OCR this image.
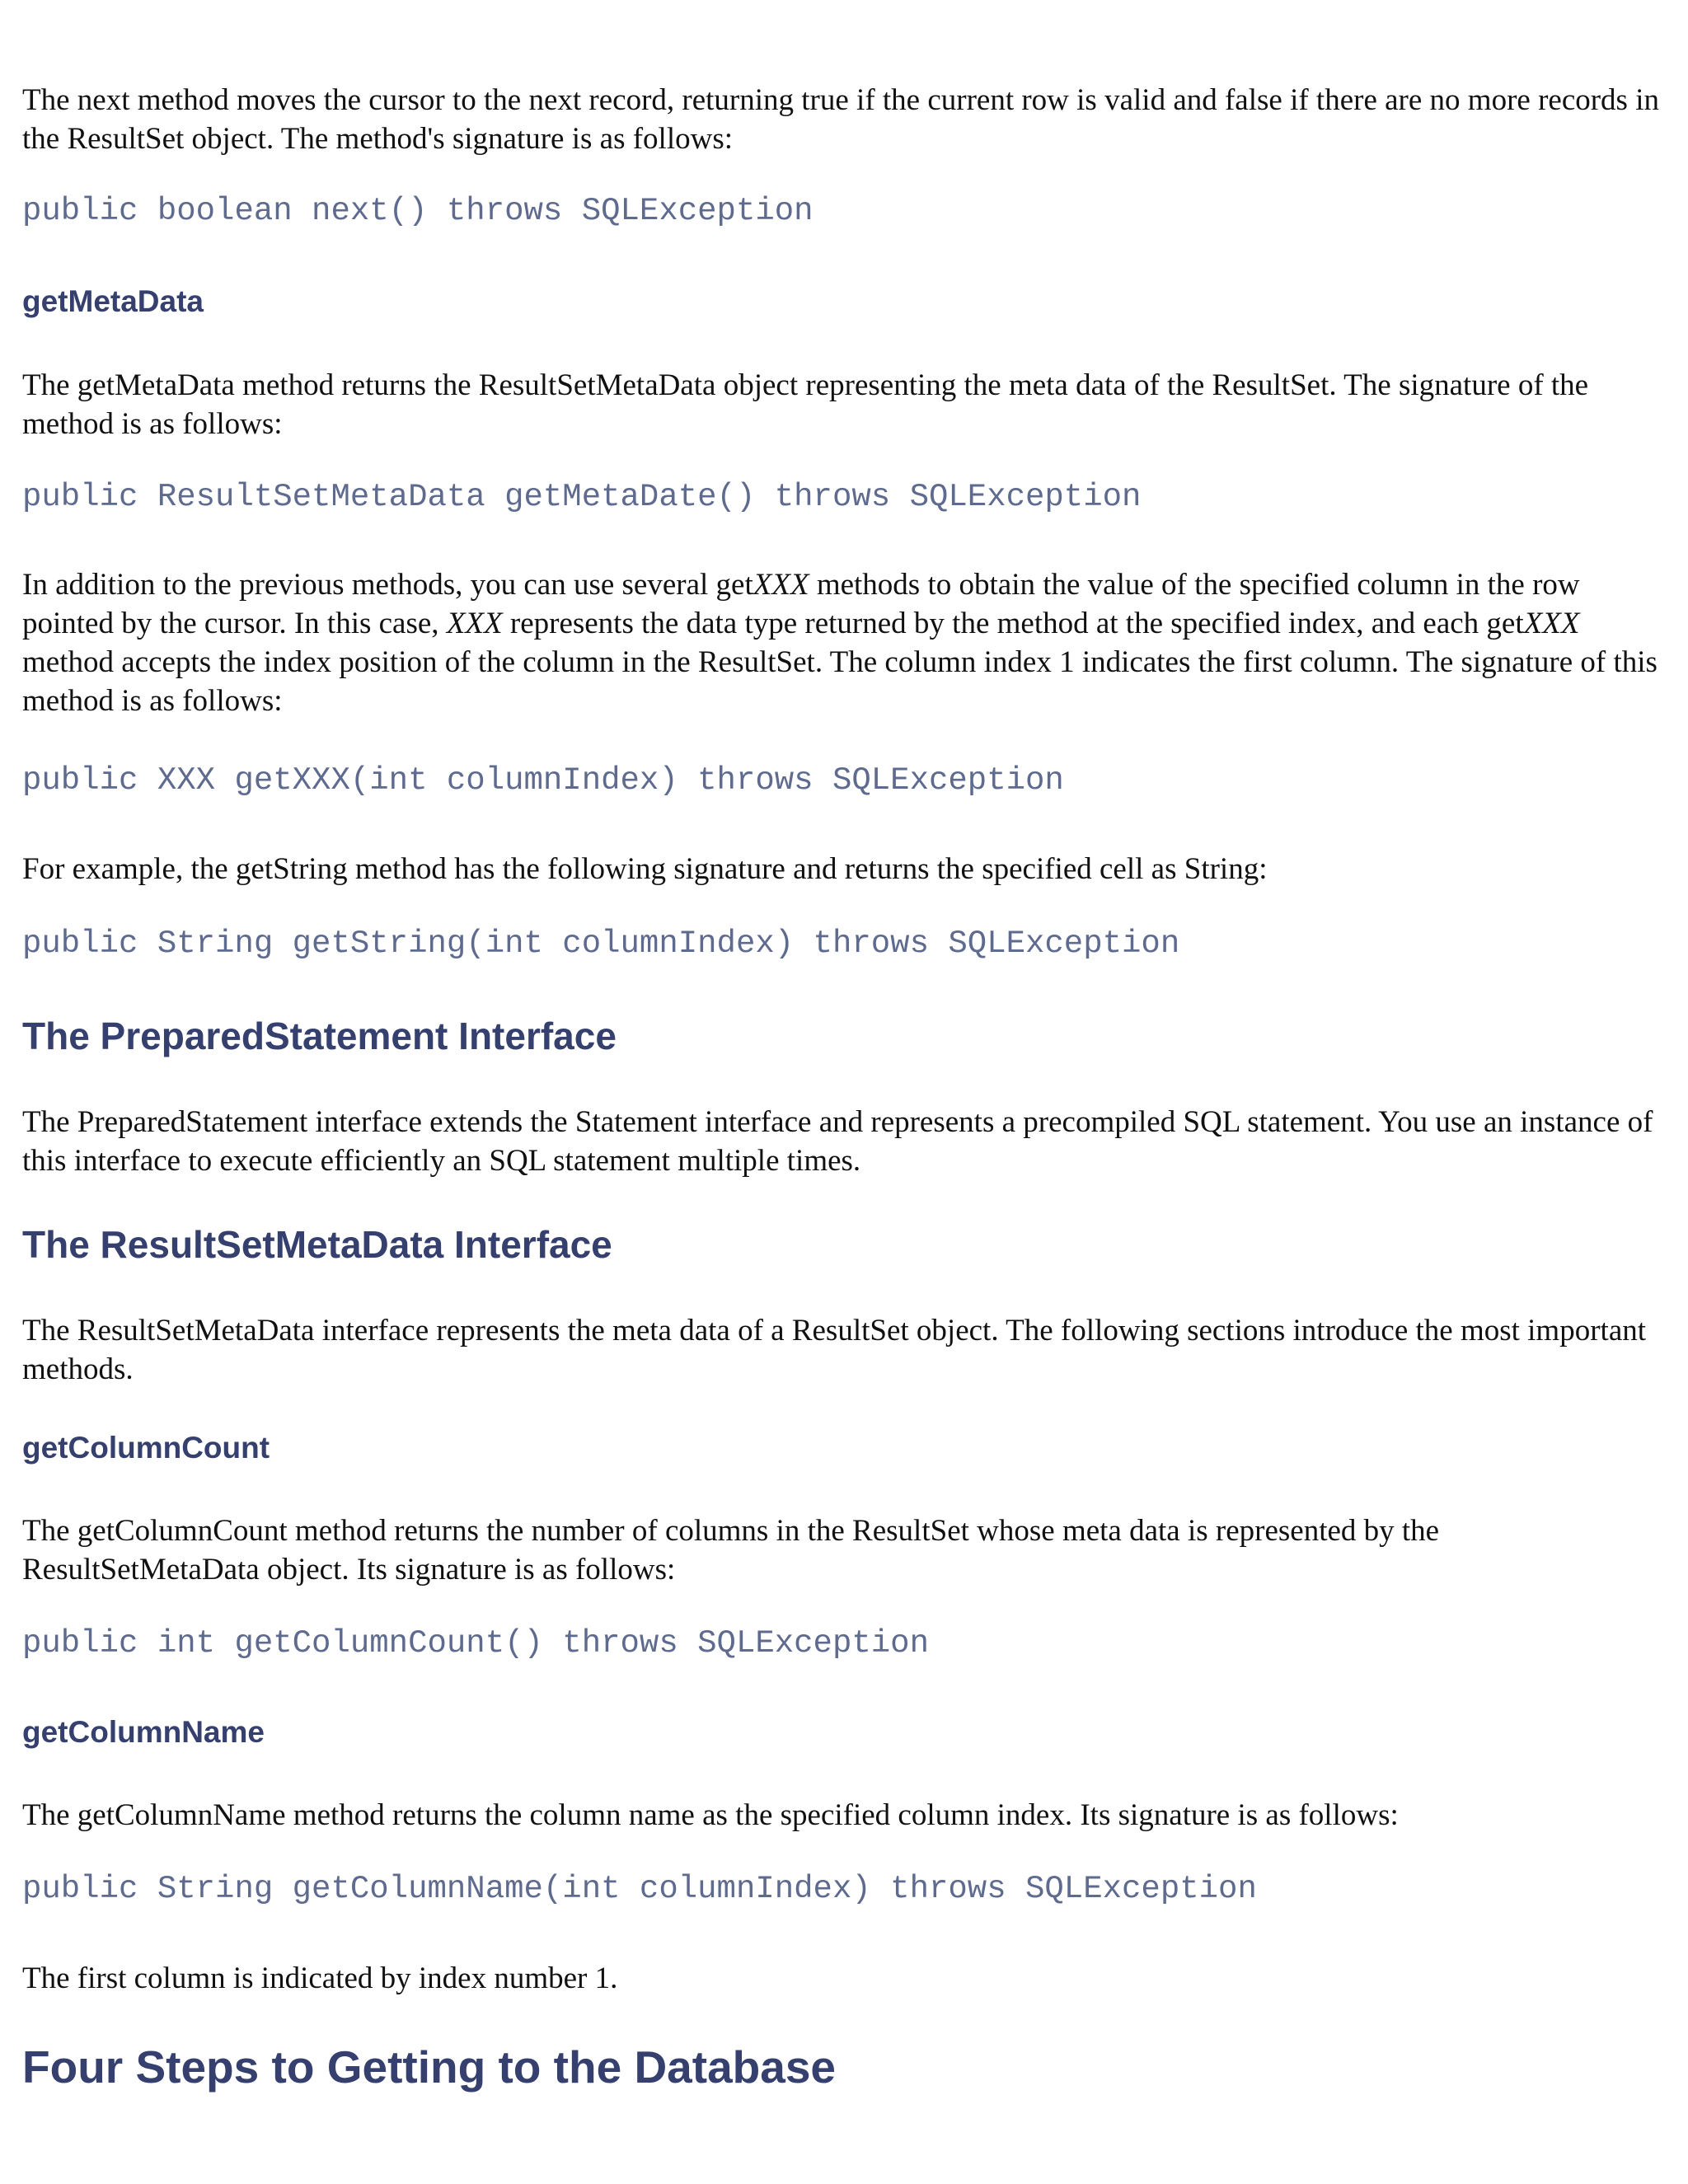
The next method moves the cursor to the next record, returning true if the current row is valid and false if there are no more records in the ResultSet object. The method's signature is as follows:

public boolean next() throws SQLException

getMetaData

The getMetaData method returns the ResultSetMetaData object representing the meta data of the ResultSet. The signature of the method is as follows:

public ResultSetMetaData getMetaDate() throws SQLException

In addition to the previous methods, you can use several getXXX methods to obtain the value of the specified column in the row pointed by the cursor. In this case, XXX represents the data type returned by the method at the specified index, and each getXXX method accepts the index position of the column in the ResultSet. The column index 1 indicates the first column. The signature of this method is as follows:

public XXX getXXX(int columnIndex) throws SQLException

For example, the getString method has the following signature and returns the specified cell as String:

public String getString(int columnIndex) throws SQLException

The PreparedStatement Interface

The PreparedStatement interface extends the Statement interface and represents a precompiled SQL statement. You use an instance of this interface to execute efficiently an SQL statement multiple times.

The ResultSetMetaData Interface

The ResultSetMetaData interface represents the meta data of a ResultSet object. The following sections introduce the most important methods.

getColumnCount

The getColumnCount method returns the number of columns in the ResultSet whose meta data is represented by the ResultSetMetaData object. Its signature is as follows:

public int getColumnCount() throws SQLException

getColumnName

The getColumnName method returns the column name as the specified column index. Its signature is as follows:

public String getColumnName(int columnIndex) throws SQLException

The first column is indicated by index number 1.

Four Steps to Getting to the Database
